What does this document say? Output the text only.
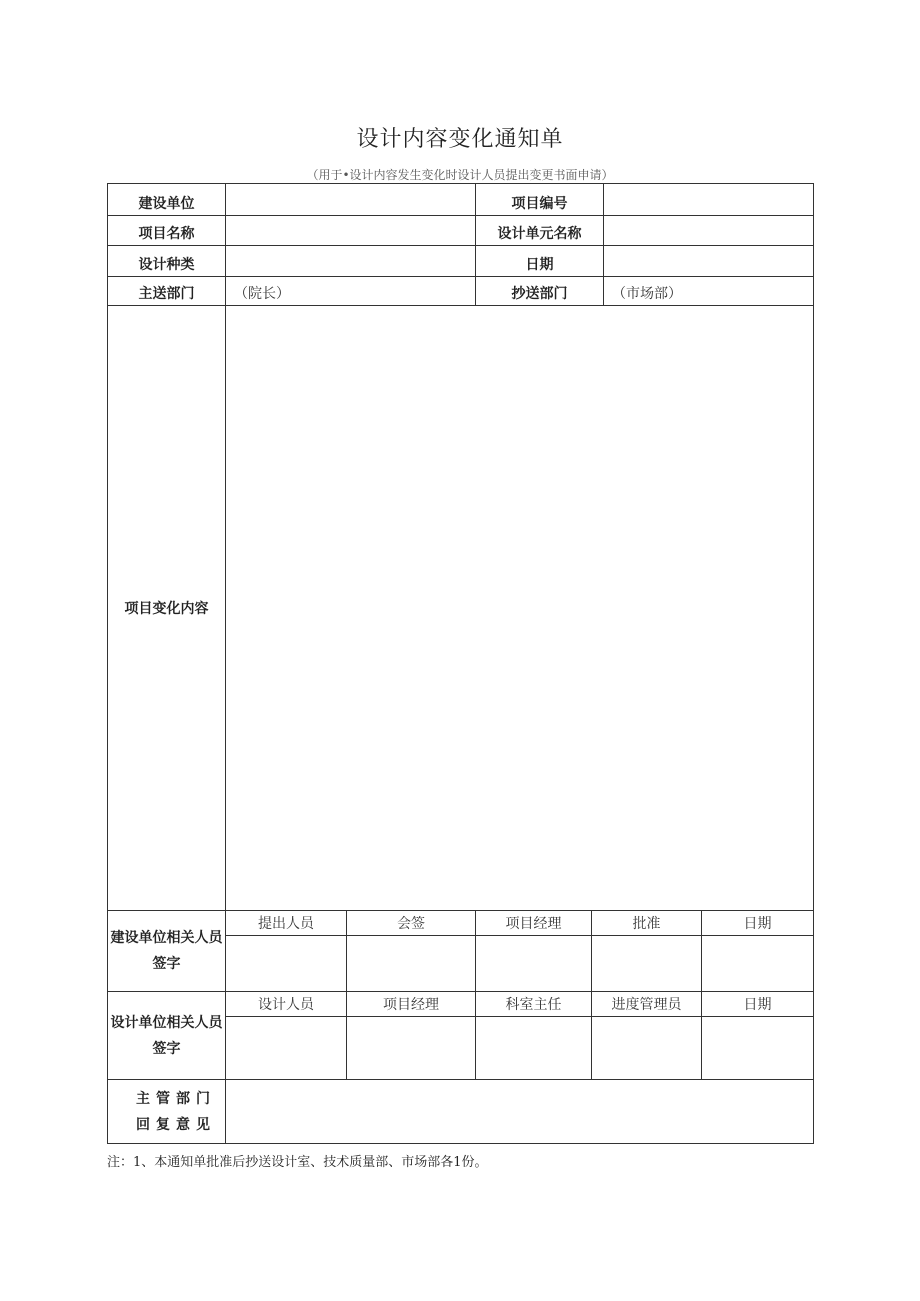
设计内容变化通知单
（用于•设计内容发生变化时设计人员提出变更书面申请）
建设单位			项目编号			
项目名称			设计单元名称			
设计种类			日期			
主送部门	（院长）		抄送部门		（市场部）	
项目变化内容						
建设单位相关人员签字	提出人员	会签	项目经理	批准		日期

设计单位相关人员签字	设计人员	项目经理	科室主任	进度管理员		日期

主管部门回复意见						
注：1、本通知单批准后抄送设计室、技术质量部、市场部各1份。
